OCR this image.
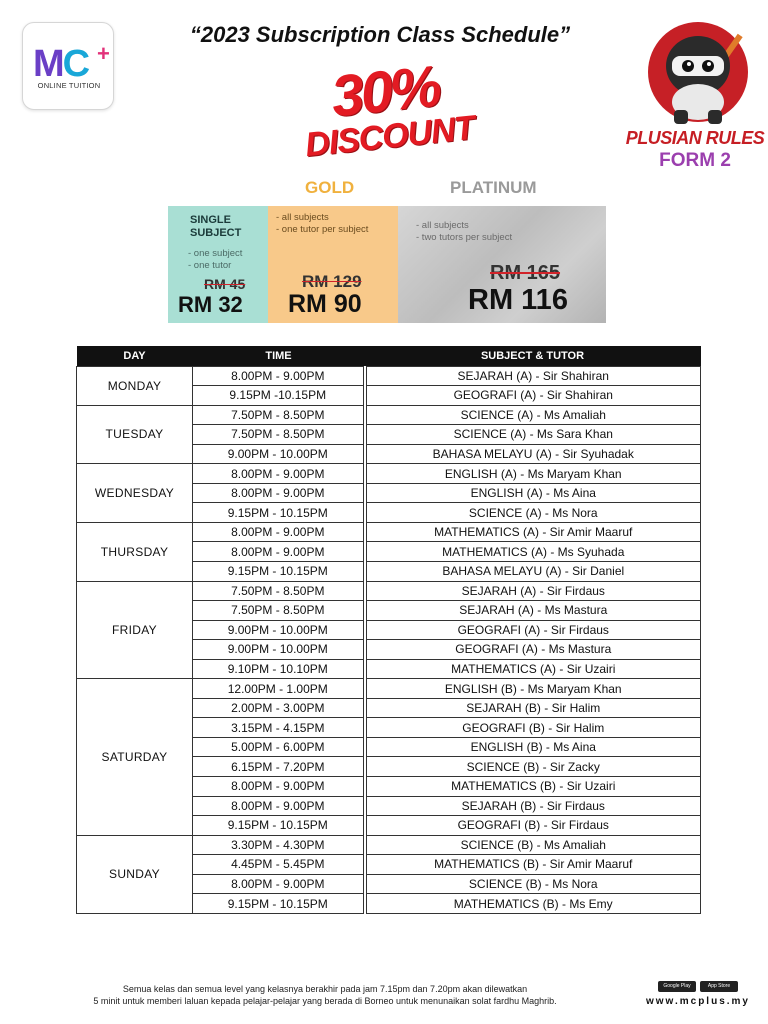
MC +
ONLINE TUITION
“2023 Subscription Class Schedule”
30%
DISCOUNT	PLUSIAN RULES
FORM 2
GOLD	PLATINUM
SINGLE SUBJECT
- one subject
- one tutor
RM 45
RM 32
- all subjects
- one tutor per subject
RM 129
RM 90
- all subjects
- two tutors per subject
RM 165
RM 116
DAY	TIME	SUBJECT & TUTOR
MONDAY	8.00PM - 9.00PM	SEJARAH (A) - Sir Shahiran
	9.15PM -10.15PM	GEOGRAFI (A) - Sir Shahiran
TUESDAY	7.50PM - 8.50PM	SCIENCE (A) - Ms Amaliah
	7.50PM - 8.50PM	SCIENCE (A) - Ms Sara Khan
	9.00PM - 10.00PM	BAHASA MELAYU (A) - Sir Syuhadak
WEDNESDAY	8.00PM - 9.00PM	ENGLISH (A) - Ms Maryam Khan
	8.00PM - 9.00PM	ENGLISH (A) - Ms Aina
	9.15PM - 10.15PM	SCIENCE (A) - Ms Nora
THURSDAY	8.00PM - 9.00PM	MATHEMATICS (A) - Sir Amir Maaruf
	8.00PM - 9.00PM	MATHEMATICS (A) - Ms Syuhada
	9.15PM - 10.15PM	BAHASA MELAYU (A) - Sir Daniel
FRIDAY	7.50PM - 8.50PM	SEJARAH (A) - Sir Firdaus
	7.50PM - 8.50PM	SEJARAH (A) - Ms Mastura
	9.00PM - 10.00PM	GEOGRAFI (A) - Sir Firdaus
	9.00PM - 10.00PM	GEOGRAFI (A) - Ms Mastura
	9.10PM - 10.10PM	MATHEMATICS (A) - Sir Uzairi
SATURDAY	12.00PM - 1.00PM	ENGLISH (B) - Ms Maryam Khan
	2.00PM - 3.00PM	SEJARAH (B) - Sir Halim
	3.15PM - 4.15PM	GEOGRAFI (B) - Sir Halim
	5.00PM - 6.00PM	ENGLISH (B) - Ms Aina
	6.15PM - 7.20PM	SCIENCE (B) - Sir Zacky
	8.00PM - 9.00PM	MATHEMATICS (B) - Sir Uzairi
	8.00PM - 9.00PM	SEJARAH (B) - Sir Firdaus
	9.15PM - 10.15PM	GEOGRAFI (B) - Sir Firdaus
SUNDAY	3.30PM - 4.30PM	SCIENCE (B) - Ms Amaliah
	4.45PM - 5.45PM	MATHEMATICS (B) - Sir Amir Maaruf
	8.00PM - 9.00PM	SCIENCE (B) - Ms Nora
	9.15PM - 10.15PM	MATHEMATICS (B) - Ms Emy
Semua kelas dan semua level yang kelasnya berakhir pada jam 7.15pm dan 7.20pm akan dilewatkan
5 minit untuk memberi laluan kepada pelajar-pelajar yang berada di Borneo untuk menunaikan solat fardhu Maghrib.
Google Play	App Store
www.mcplus.my
